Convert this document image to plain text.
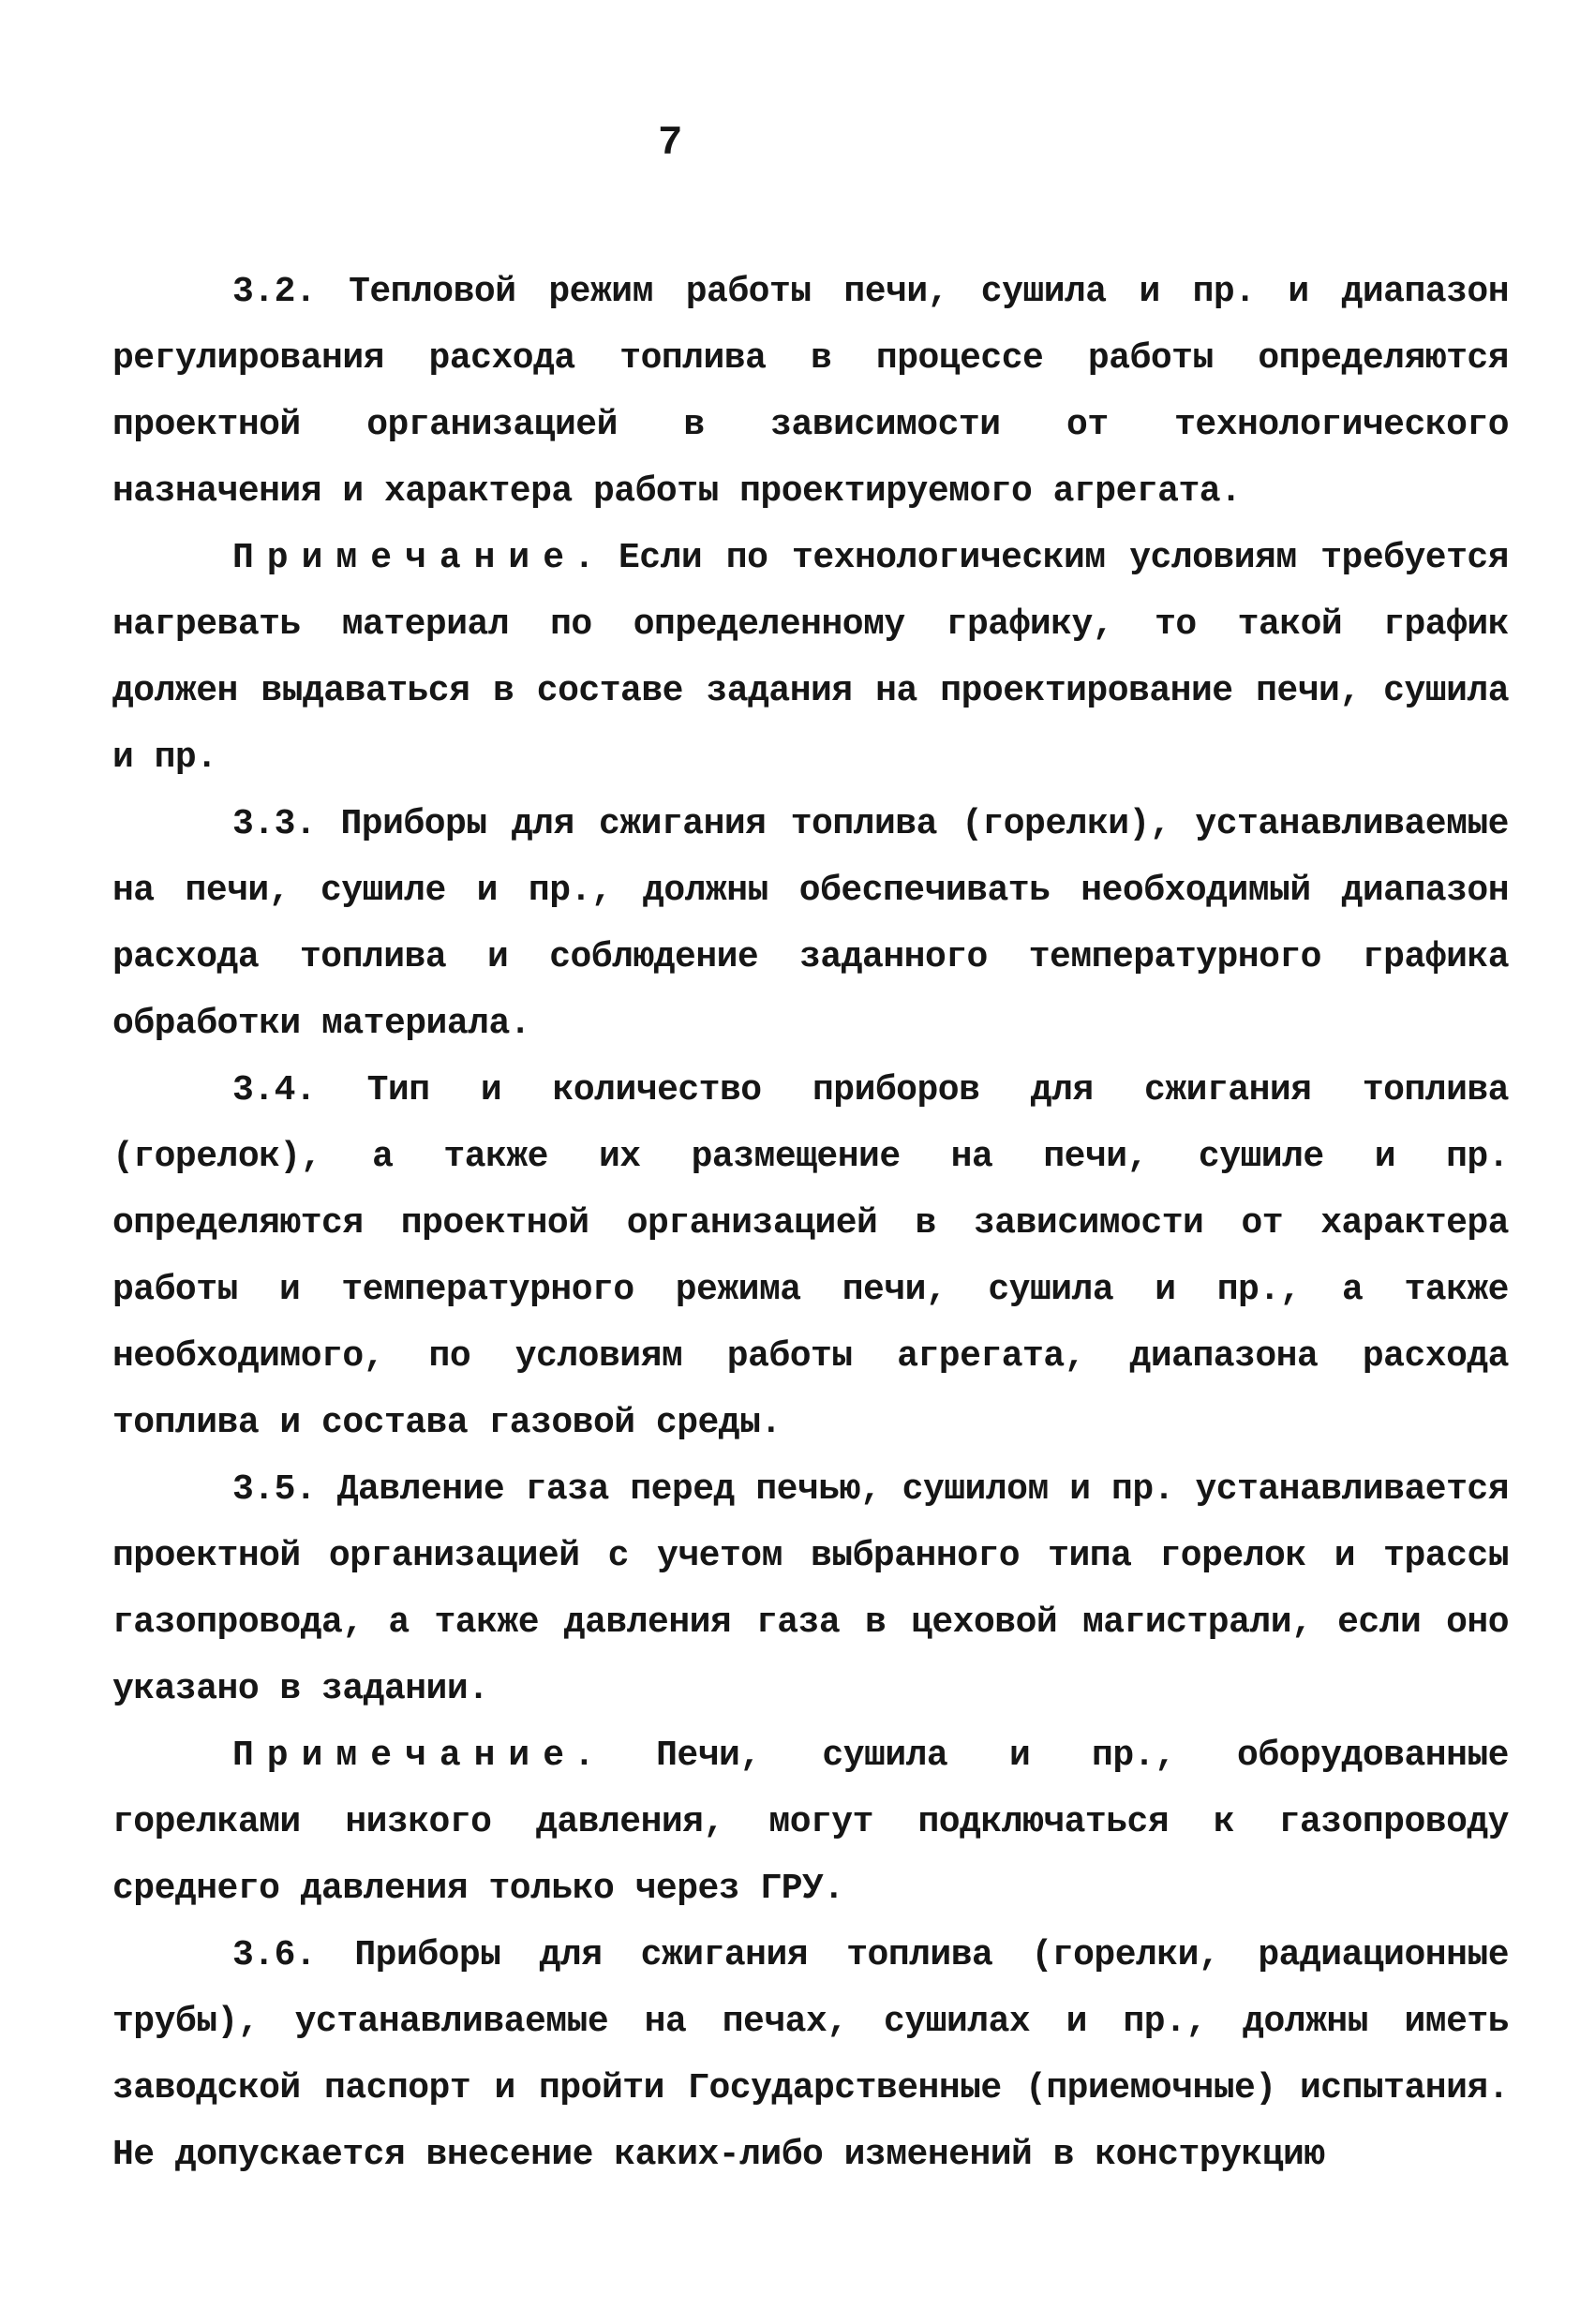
7

3.2. Тепловой режим работы печи, сушила и пр. и диапазон регулирования расхода топлива в процессе работы определяются проектной организацией в зависимости от технологического назначения и характера работы проектируемого агрегата.

Примечание. Если по технологическим условиям требуется нагревать материал по определенному графику, то такой график должен выдаваться в составе задания на проектирование печи, сушила и пр.

3.3. Приборы для сжигания топлива (горелки), устанавливаемые на печи, сушиле и пр., должны обеспечивать необходимый диапазон расхода топлива и соблюдение заданного температурного графика обработки материала.

3.4. Тип и количество приборов для сжигания топлива (горелок), а также их размещение на печи, сушиле и пр. определяются проектной организацией в зависимости от характера работы и температурного режима печи, сушила и пр., а также необходимого, по условиям работы агрегата, диапазона расхода топлива и состава газовой среды.

3.5. Давление газа перед печью, сушилом и пр. устанавливается проектной организацией с учетом выбранного типа горелок и трассы газопровода, а также давления газа в цеховой магистрали, если оно указано в задании.

Примечание. Печи, сушила и пр., оборудованные горелками низкого давления, могут подключаться к газопроводу среднего давления только через ГРУ.

3.6. Приборы для сжигания топлива (горелки, радиационные трубы), устанавливаемые на печах, сушилах и пр., должны иметь заводской паспорт и пройти Государственные (приемочные) испытания. Не допускается внесение каких-либо изменений в конструкцию
